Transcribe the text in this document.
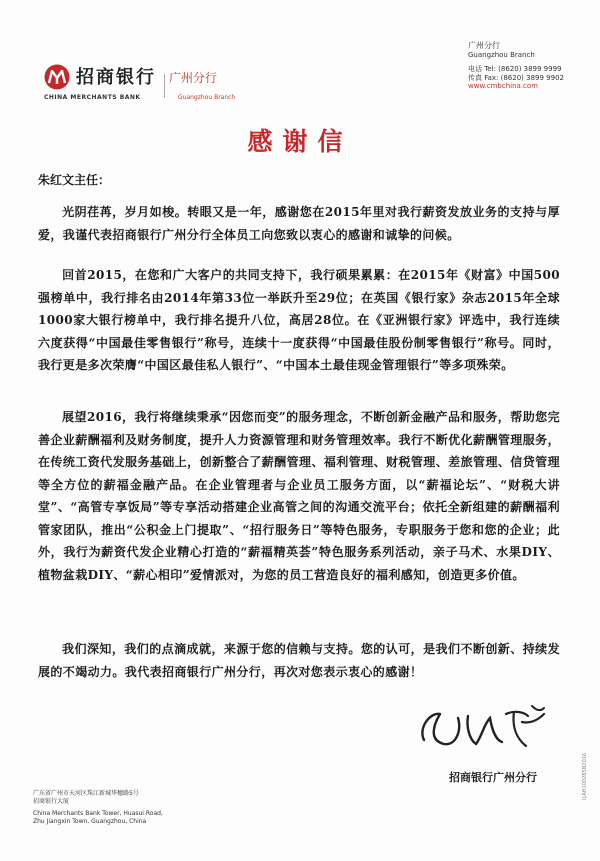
招商银行 广州分行
CHINA MERCHANTS BANK	Guangzhou Branch
广州分行
Guangzhou Branch
电话 Tel: (8620) 3899 9999
传真 Fax: (8620) 3899 9902
www.cmbchina.com
感谢信
朱红文主任：
光阴荏苒，岁月如梭。转眼又是一年，感谢您在2015年里对我行薪资发放业务的支持与厚爱，我谨代表招商银行广州分行全体员工向您致以衷心的感谢和诚挚的问候。
回首2015，在您和广大客户的共同支持下，我行硕果累累：在2015年《财富》中国500强榜单中，我行排名由2014年第33位一举跃升至29位；在英国《银行家》杂志2015年全球1000家大银行榜单中，我行排名提升八位，高居28位。在《亚洲银行家》评选中，我行连续六度获得“中国最佳零售银行”称号，连续十一度获得“中国最佳股份制零售银行”称号。同时，我行更是多次荣膺“中国区最佳私人银行”、“中国本土最佳现金管理银行”等多项殊荣。
展望2016，我行将继续秉承“因您而变”的服务理念，不断创新金融产品和服务，帮助您完善企业薪酬福利及财务制度，提升人力资源管理和财务管理效率。我行不断优化薪酬管理服务，在传统工资代发服务基础上，创新整合了薪酬管理、福利管理、财税管理、差旅管理、信贷管理等全方位的薪福金融产品。在企业管理者与企业员工服务方面，以“薪福论坛”、“财税大讲堂”、“高管专享饭局”等专享活动搭建企业高管之间的沟通交流平台；依托全新组建的薪酬福利管家团队，推出“公积金上门提取”、“招行服务日”等特色服务，专职服务于您和您的企业；此外，我行为薪资代发企业精心打造的“薪福精英荟”特色服务系列活动，亲子马术、水果DIY、植物盆栽DIY、“薪心相印”爱情派对，为您的员工营造良好的福利感知，创造更多价值。
我们深知，我们的点滴成就，来源于您的信赖与支持。您的认可，是我们不断创新、持续发展的不竭动力。我代表招商银行广州分行，再次对您表示衷心的感谢！
招商银行广州分行
广东省广州市天河区珠江新城华穗路5号
招商银行大厦
China Merchants Bank Tower, Huasui Road,
Zhu Jiangxin Town, Guangzhou, China
ILAH100285N2016
